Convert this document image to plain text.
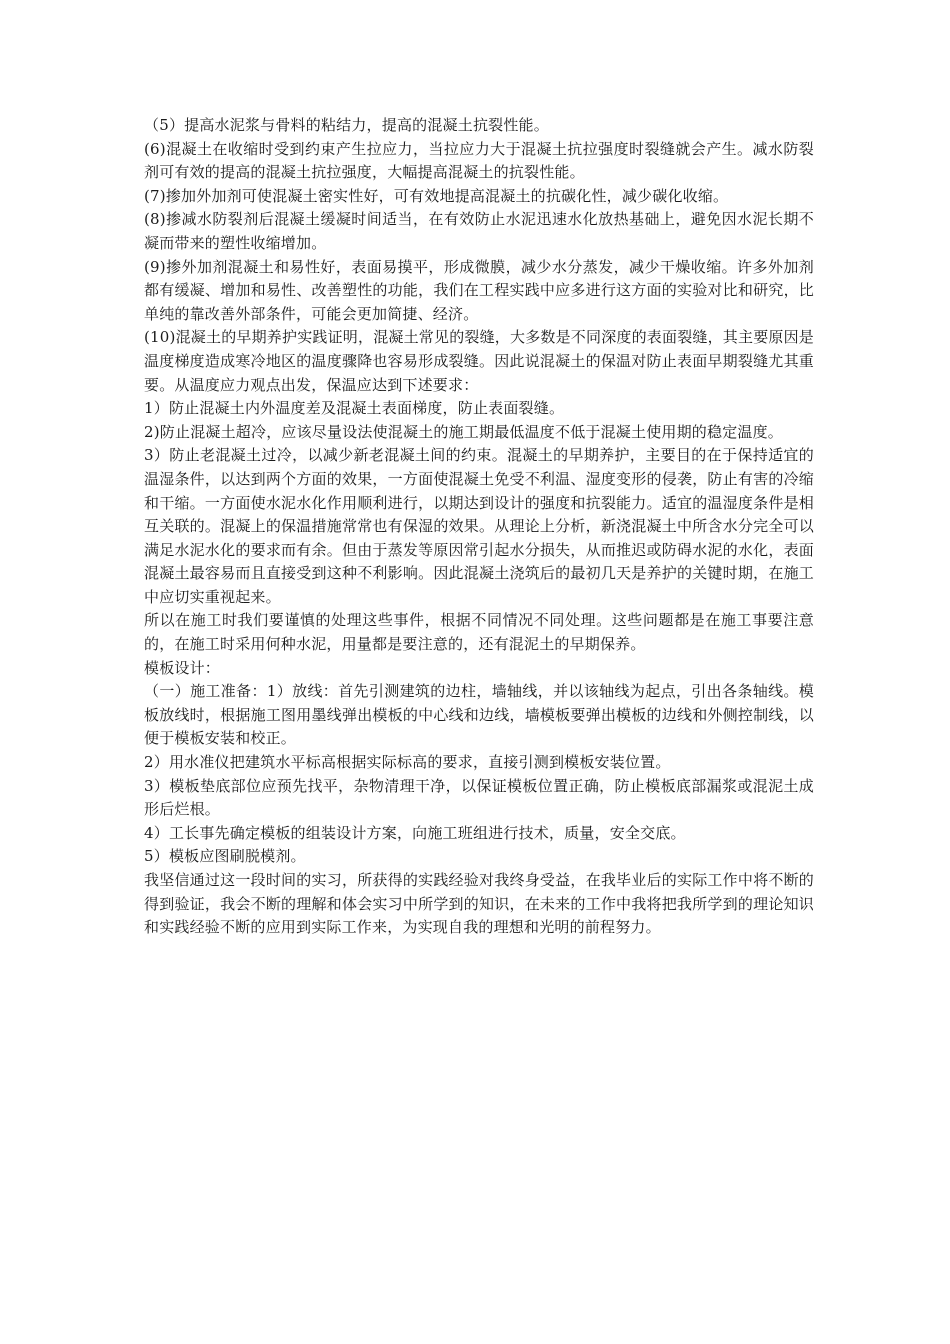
（5）提高水泥浆与骨料的粘结力，提高的混凝土抗裂性能。

(6)混凝土在收缩时受到约束产生拉应力，当拉应力大于混凝土抗拉强度时裂缝就会产生。减水防裂剂可有效的提高的混凝土抗拉强度，大幅提高混凝土的抗裂性能。

(7)掺加外加剂可使混凝土密实性好，可有效地提高混凝土的抗碳化性，减少碳化收缩。

(8)掺减水防裂剂后混凝土缓凝时间适当，在有效防止水泥迅速水化放热基础上，避免因水泥长期不凝而带来的塑性收缩增加。

(9)掺外加剂混凝土和易性好，表面易摸平，形成微膜，减少水分蒸发，减少干燥收缩。许多外加剂都有缓凝、增加和易性、改善塑性的功能，我们在工程实践中应多进行这方面的实验对比和研究，比单纯的靠改善外部条件，可能会更加简捷、经济。

(10)混凝土的早期养护实践证明，混凝土常见的裂缝，大多数是不同深度的表面裂缝，其主要原因是温度梯度造成寒冷地区的温度骤降也容易形成裂缝。因此说混凝土的保温对防止表面早期裂缝尤其重要。从温度应力观点出发，保温应达到下述要求：

1）防止混凝土内外温度差及混凝土表面梯度，防止表面裂缝。

2)防止混凝土超冷，应该尽量设法使混凝土的施工期最低温度不低于混凝土使用期的稳定温度。

3）防止老混凝土过冷，以减少新老混凝土间的约束。混凝土的早期养护，主要目的在于保持适宜的温湿条件，以达到两个方面的效果，一方面使混凝土免受不利温、湿度变形的侵袭，防止有害的冷缩和干缩。一方面使水泥水化作用顺利进行，以期达到设计的强度和抗裂能力。适宜的温湿度条件是相互关联的。混凝上的保温措施常常也有保湿的效果。从理论上分析，新浇混凝土中所含水分完全可以满足水泥水化的要求而有余。但由于蒸发等原因常引起水分损失，从而推迟或防碍水泥的水化，表面混凝土最容易而且直接受到这种不利影响。因此混凝土浇筑后的最初几天是养护的关键时期，在施工中应切实重视起来。

所以在施工时我们要谨慎的处理这些事件，根据不同情况不同处理。这些问题都是在施工事要注意的，在施工时采用何种水泥，用量都是要注意的，还有混泥土的早期保养。

模板设计：

（一）施工准备：1）放线：首先引测建筑的边柱，墙轴线，并以该轴线为起点，引出各条轴线。模板放线时，根据施工图用墨线弹出模板的中心线和边线，墙模板要弹出模板的边线和外侧控制线，以便于模板安装和校正。

2）用水准仪把建筑水平标高根据实际标高的要求，直接引测到模板安装位置。

3）模板垫底部位应预先找平，杂物清理干净，以保证模板位置正确，防止模板底部漏浆或混泥土成形后烂根。

4）工长事先确定模板的组装设计方案，向施工班组进行技术，质量，安全交底。

5）模板应图刷脱模剂。

我坚信通过这一段时间的实习，所获得的实践经验对我终身受益，在我毕业后的实际工作中将不断的得到验证，我会不断的理解和体会实习中所学到的知识，在未来的工作中我将把我所学到的理论知识和实践经验不断的应用到实际工作来，为实现自我的理想和光明的前程努力。
